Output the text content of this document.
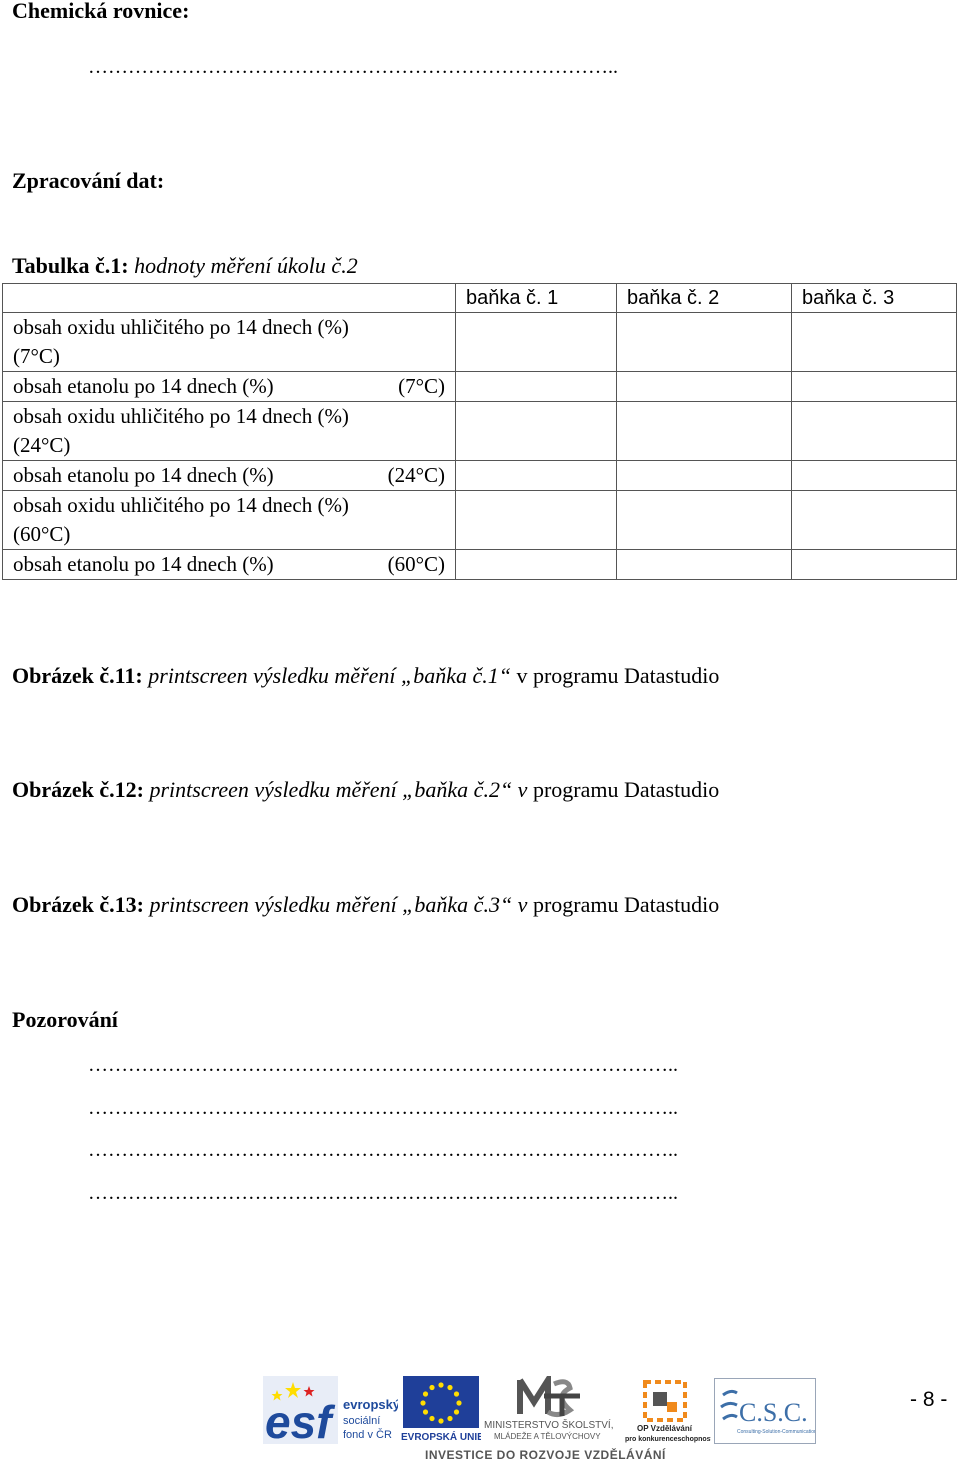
Chemická rovnice:
……………………………………………………………………..
Zpracování dat:
Tabulka č.1: hodnoty měření úkolu č.2
	baňka č. 1	baňka č. 2	baňka č. 3

obsah oxidu uhličitého po 14 dnech (%)
(7°C)			

obsah etanolu po 14 dnech (%) (7°C)			

obsah oxidu uhličitého po 14 dnech (%)
(24°C)			

obsah etanolu po 14 dnech (%) (24°C)			

obsah oxidu uhličitého po 14 dnech (%)
(60°C)			

obsah etanolu po 14 dnech (%) (60°C)			

Obrázek č.11: printscreen výsledku měření „baňka č.1“ v programu Datastudio
Obrázek č.12: printscreen výsledku měření „baňka č.2“ v programu Datastudio
Obrázek č.13: printscreen výsledku měření „baňka č.3“ v programu Datastudio
Pozorování
……………………………………………………………………………..
……………………………………………………………………………..
……………………………………………………………………………..
……………………………………………………………………………..
esf evropský
sociální
fond v ČR EVROPSKÁ UNIE
MINISTERSTVO ŠKOLSTVÍ,
MLÁDEŽE A TĚLOVÝCHOVY
OP Vzdělávání
pro konkurenceschopnost
C.S.C.
Consulting-Solution-Communication
INVESTICE DO ROZVOJE VZDĚLÁVÁNÍ
- 8 -
